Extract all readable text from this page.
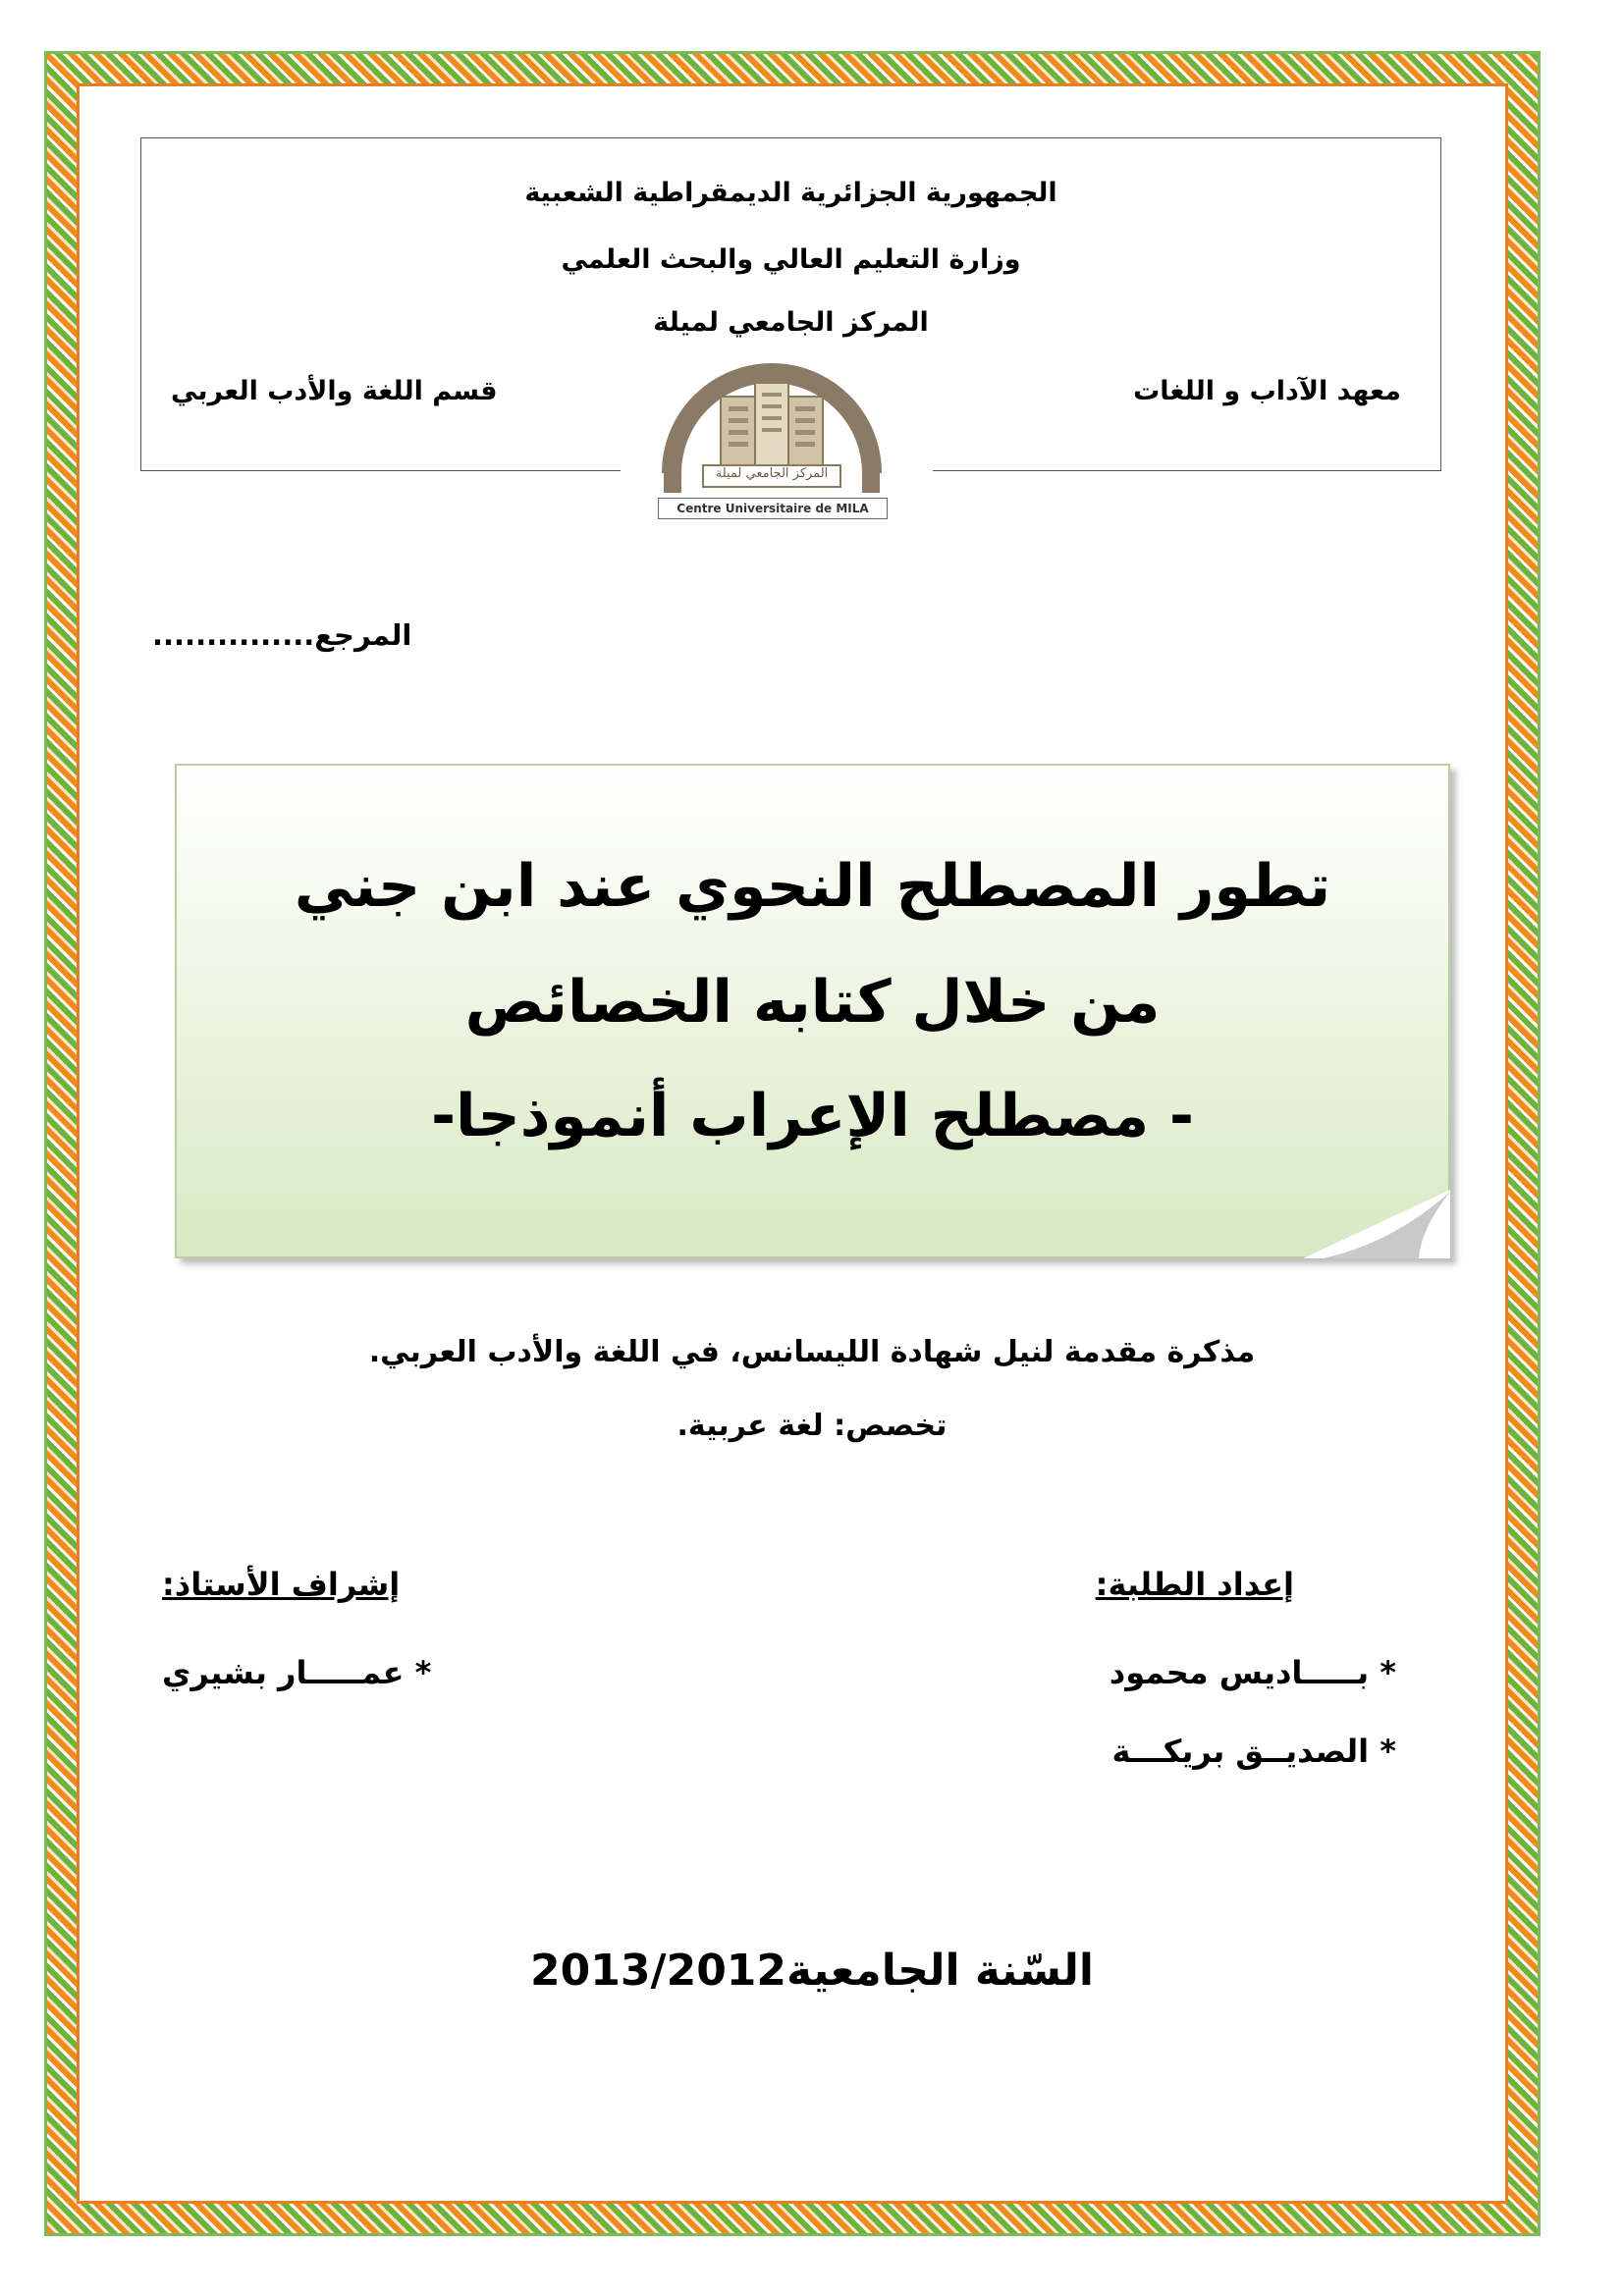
الجمهورية الجزائرية الديمقراطية الشعبية
وزارة التعليم العالي والبحث العلمي
المركز الجامعي لميلة
معهد الآداب و اللغات
قسم اللغة والأدب العربي
المركز الجامعي لميلة
Centre Universitaire de MILA
المرجع...............
تطور المصطلح النحوي عند ابن جني
من خلال كتابه الخصائص
- مصطلح الإعراب أنموذجا-
مذكرة مقدمة لنيل شهادة الليسانس، في اللغة والأدب العربي.
تخصص: لغة عربية.
إعداد الطلبة:
* بـــــاديس محمود
* الصديــق بريكـــة
إشراف الأستاذ:
* عمـــــار بشيري
السّنة الجامعية2013/2012
